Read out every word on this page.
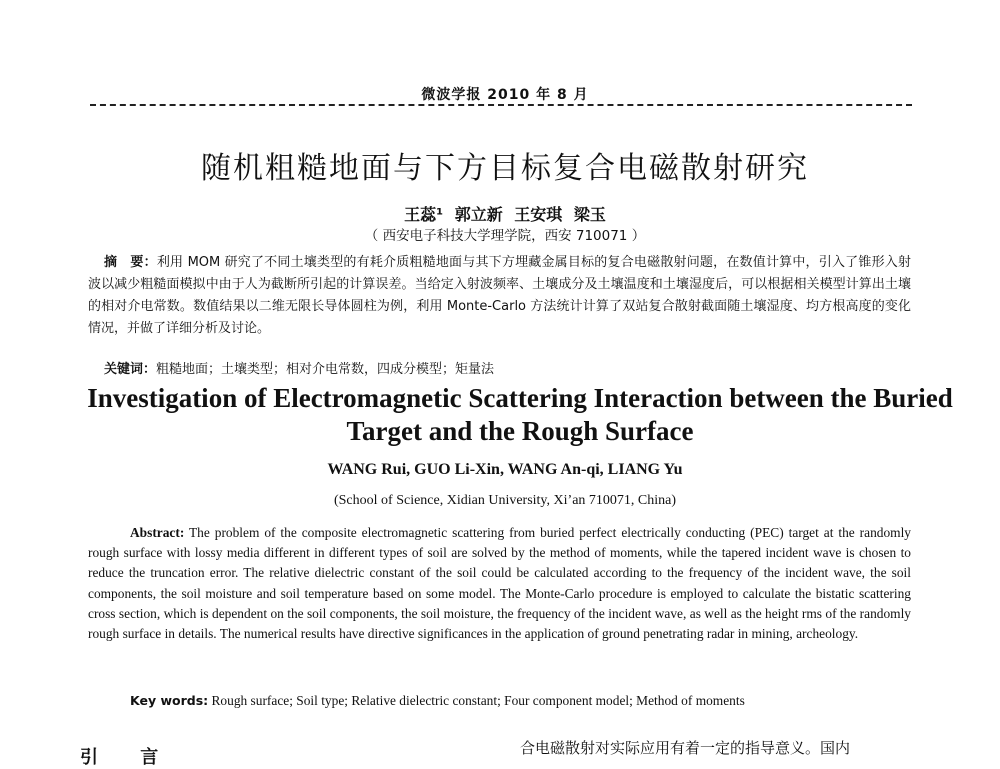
微波学报 2010 年 8 月
随机粗糙地面与下方目标复合电磁散射研究
王蕊¹ 郭立新 王安琪 梁玉
（ 西安电子科技大学理学院，西安 710071 ）

摘　要：利用 MOM 研究了不同土壤类型的有耗介质粗糙地面与其下方埋藏金属目标的复合电磁散射问题，在数值计算中，引入了锥形入射波以减少粗糙面模拟中由于人为截断所引起的计算误差。当给定入射波频率、土壤成分及土壤温度和土壤湿度后，可以根据相关模型计算出土壤的相对介电常数。数值结果以二维无限长导体圆柱为例，利用 Monte-Carlo 方法统计计算了双站复合散射截面随土壤湿度、均方根高度的变化情况，并做了详细分析及讨论。

关键词：粗糙地面；土壤类型；相对介电常数，四成分模型；矩量法

Investigation of Electromagnetic Scattering Interaction between the Buried Target and the Rough Surface

WANG Rui, GUO Li-Xin, WANG An-qi, LIANG Yu

(School of Science, Xidian University, Xi’an 710071, China)

Abstract: The problem of the composite electromagnetic scattering from buried perfect electrically conducting (PEC) target at the randomly rough surface with lossy media different in different types of soil are solved by the method of moments, while the tapered incident wave is chosen to reduce the truncation error. The relative dielectric constant of the soil could be calculated according to the frequency of the incident wave, the soil components, the soil moisture and soil temperature based on some model. The Monte-Carlo procedure is employed to calculate the bistatic scattering cross section, which is dependent on the soil components, the soil moisture, the frequency of the incident wave, as well as the height rms of the randomly rough surface in details. The numerical results have directive significances in the application of ground penetrating radar in mining, archeology.

Key words: Rough surface; Soil type; Relative dielectric constant; Four component model; Method of moments

引 言	合电磁散射对实际应用有着一定的指导意义。国内
